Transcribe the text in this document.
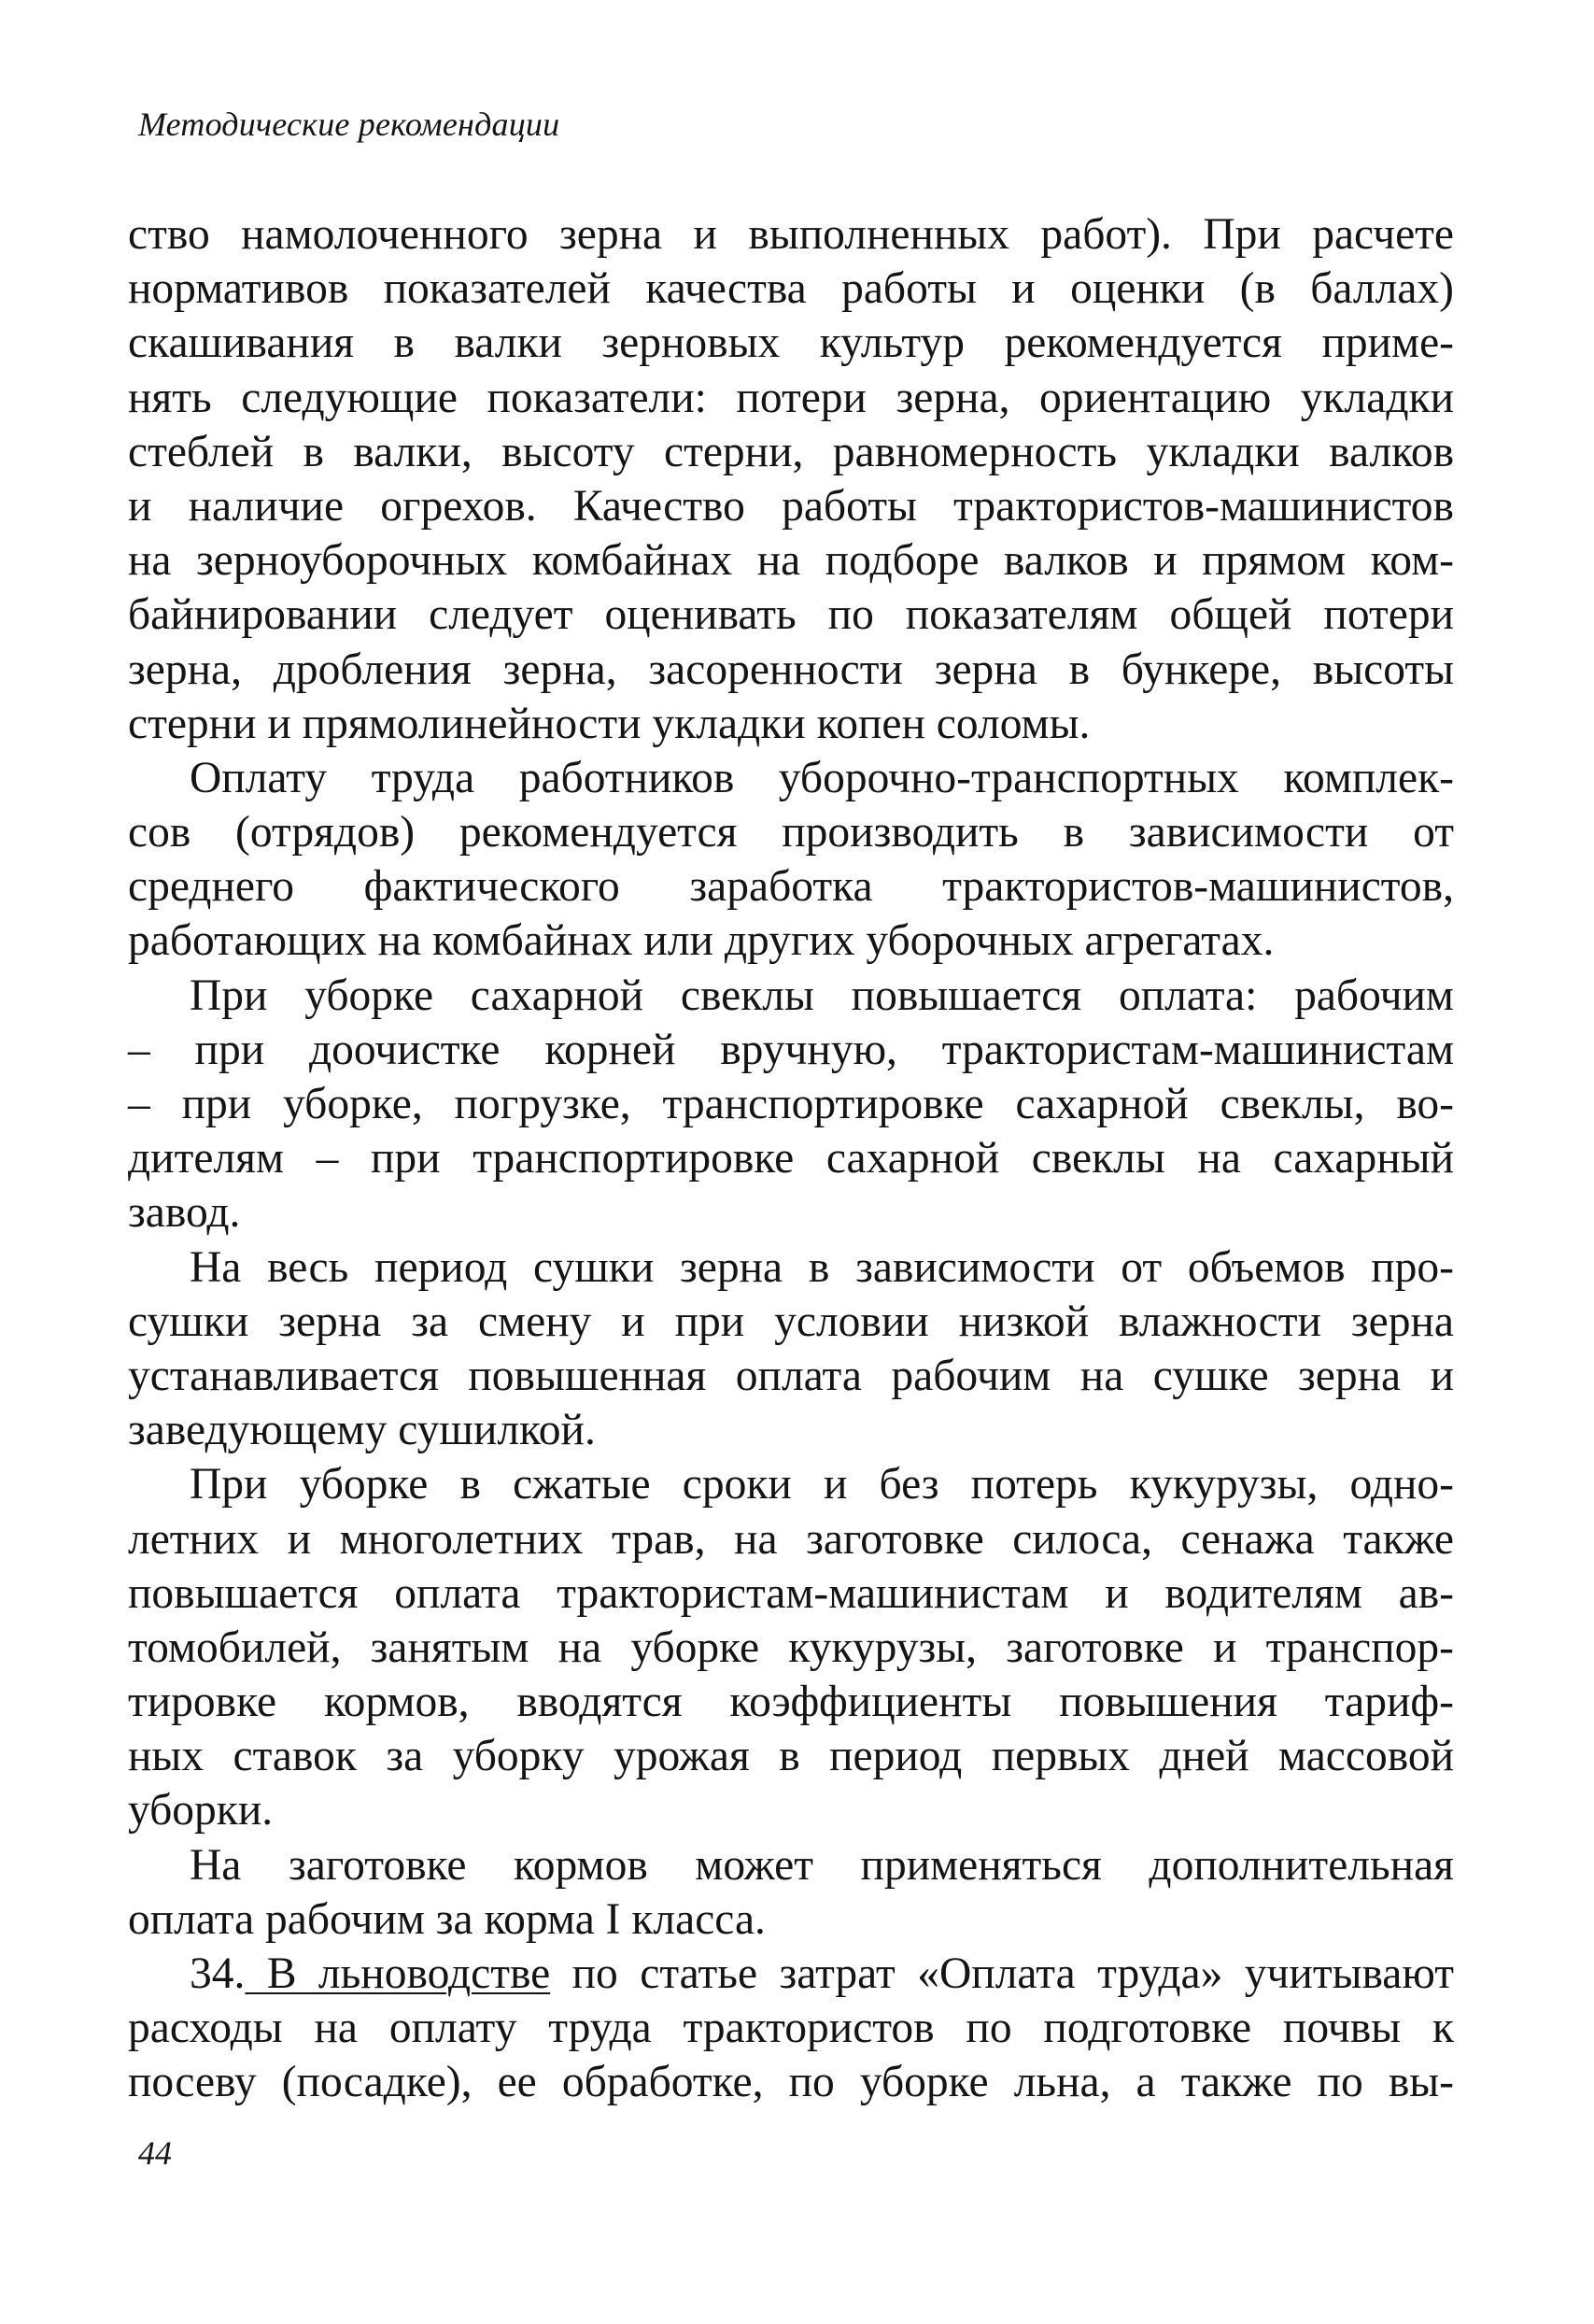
Методические рекомендации
ство намолоченного зерна и выполненных работ). При расчете
нормативов показателей качества работы и оценки (в баллах)
скашивания в валки зерновых культур рекомендуется приме-
нять следующие показатели: потери зерна, ориентацию укладки
стеблей в валки, высоту стерни, равномерность укладки валков
и наличие огрехов. Качество работы трактористов-машинистов
на зерноуборочных комбайнах на подборе валков и прямом ком-
байнировании следует оценивать по показателям общей потери
зерна, дробления зерна, засоренности зерна в бункере, высоты
стерни и прямолинейности укладки копен соломы.
Оплату труда работников уборочно-транспортных комплек-
сов (отрядов) рекомендуется производить в зависимости от
среднего фактического заработка трактористов-машинистов,
работающих на комбайнах или других уборочных агрегатах.
При уборке сахарной свеклы повышается оплата: рабочим
– при доочистке корней вручную, трактористам-машинистам
– при уборке, погрузке, транспортировке сахарной свеклы, во-
дителям – при транспортировке сахарной свеклы на сахарный
завод.
На весь период сушки зерна в зависимости от объемов про-
сушки зерна за смену и при условии низкой влажности зерна
устанавливается повышенная оплата рабочим на сушке зерна и
заведующему сушилкой.
При уборке в сжатые сроки и без потерь кукурузы, одно-
летних и многолетних трав, на заготовке силоса, сенажа также
повышается оплата трактористам-машинистам и водителям ав-
томобилей, занятым на уборке кукурузы, заготовке и транспор-
тировке кормов, вводятся коэффициенты повышения тариф-
ных ставок за уборку урожая в период первых дней массовой
уборки.
На заготовке кормов может применяться дополнительная
оплата рабочим за корма I класса.
34. В льноводстве по статье затрат «Оплата труда» учитывают
расходы на оплату труда трактористов по подготовке почвы к
посеву (посадке), ее обработке, по уборке льна, а также по вы-
44
